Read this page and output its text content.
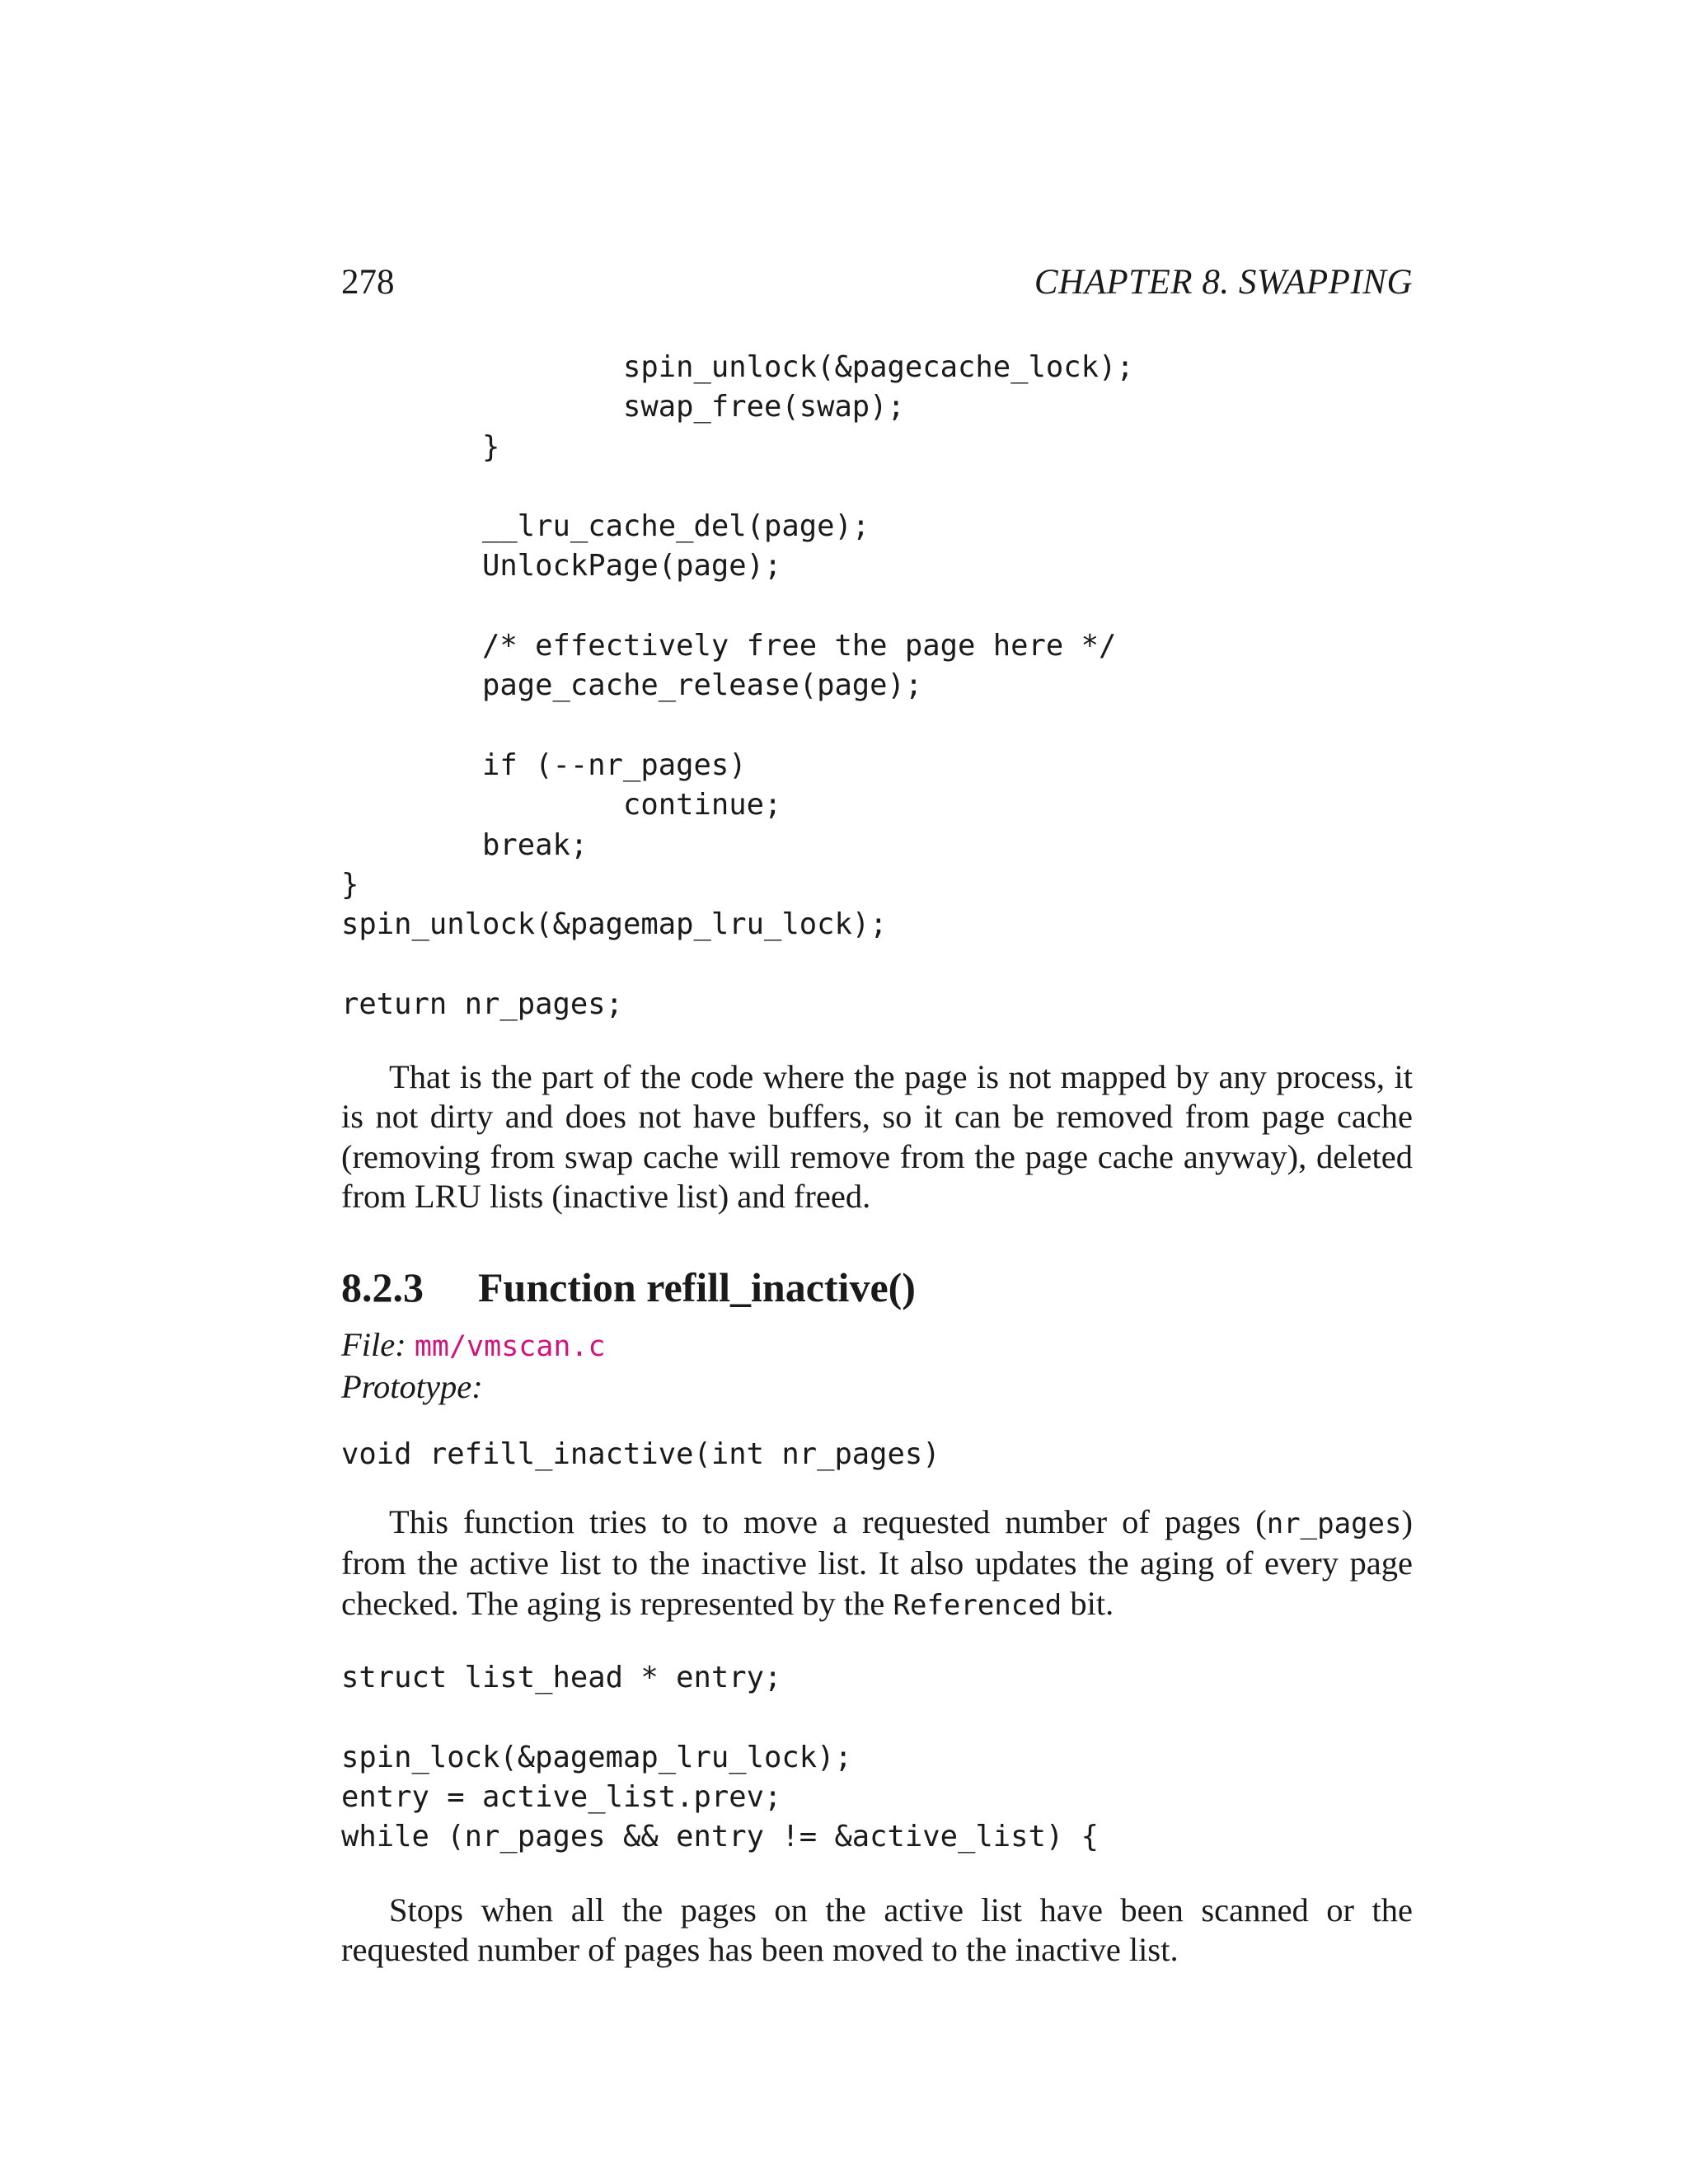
278	CHAPTER 8. SWAPPING
spin_unlock(&pagecache_lock);
swap_free(swap);
}
__lru_cache_del(page);
UnlockPage(page);
/* effectively free the page here */
page_cache_release(page);
if (--nr_pages)
continue;
break;
}
spin_unlock(&pagemap_lru_lock);
return nr_pages;

That is the part of the code where the page is not mapped by any process, it is not dirty and does not have buffers, so it can be removed from page cache (removing from swap cache will remove from the page cache anyway), deleted from LRU lists (inactive list) and freed.

8.2.3 Function refill_inactive()

File: mm/vmscan.c

Prototype:

void refill_inactive(int nr_pages)

This function tries to to move a requested number of pages (nr_pages) from the active list to the inactive list. It also updates the aging of every page checked. The aging is represented by the Referenced bit.

struct list_head * entry;
spin_lock(&pagemap_lru_lock);
entry = active_list.prev;
while (nr_pages && entry != &active_list) {

Stops when all the pages on the active list have been scanned or the requested number of pages has been moved to the inactive list.
